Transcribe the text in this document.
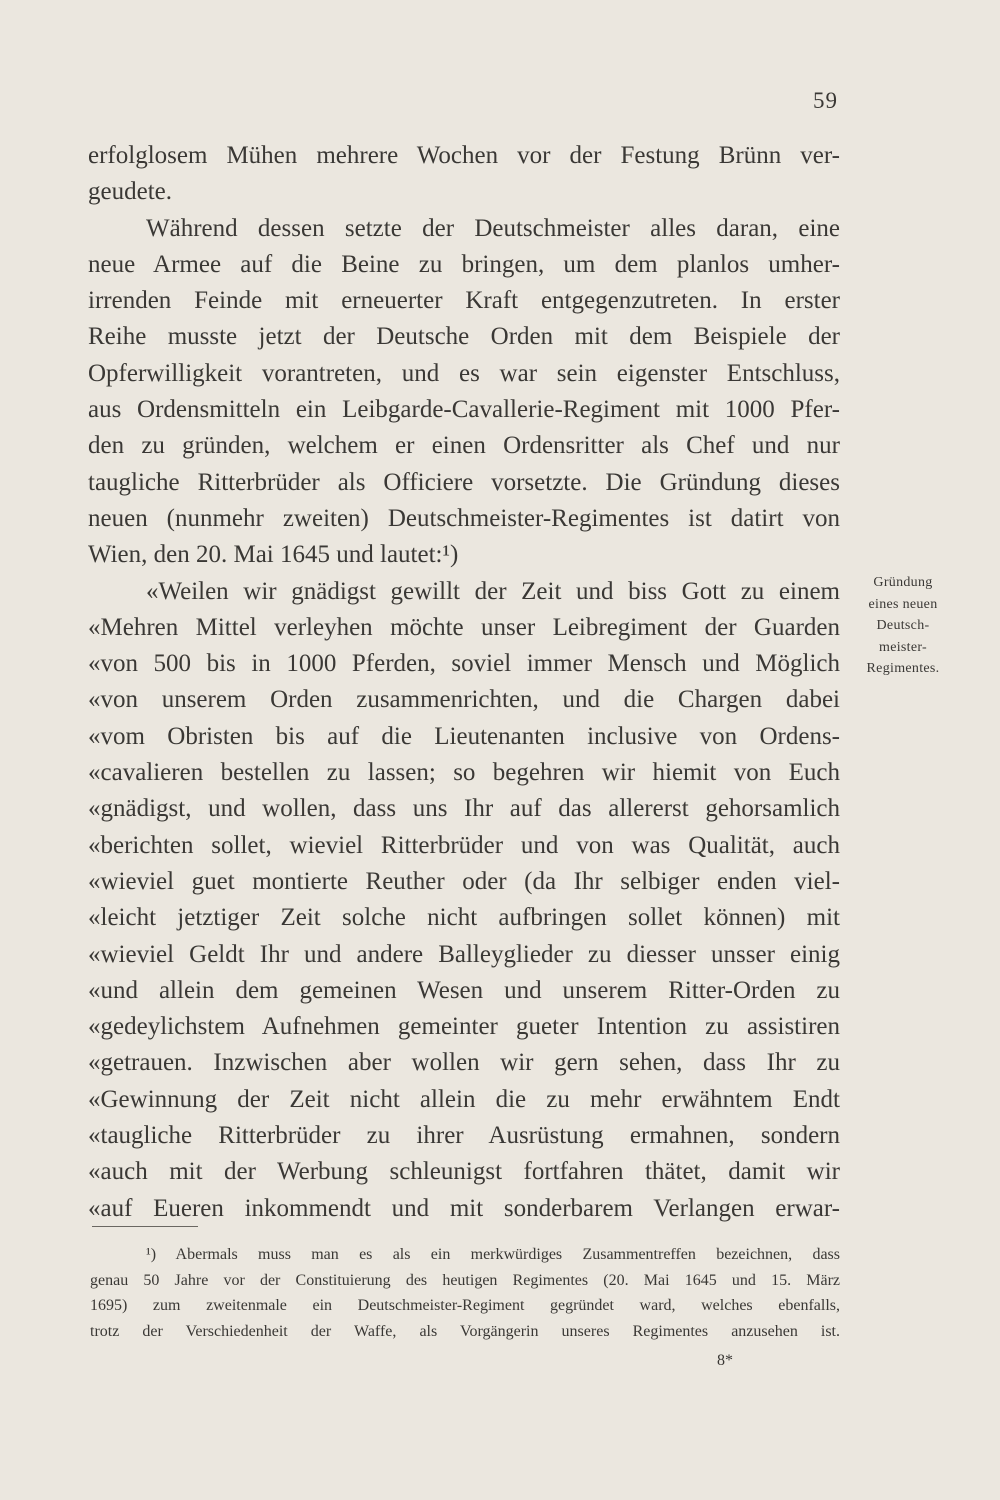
59
erfolglosem Mühen mehrere Wochen vor der Festung Brünn ver-
geudete.
Während dessen setzte der Deutschmeister alles daran, eine
neue Armee auf die Beine zu bringen, um dem planlos umher-
irrenden Feinde mit erneuerter Kraft entgegenzutreten. In erster
Reihe musste jetzt der Deutsche Orden mit dem Beispiele der
Opferwilligkeit vorantreten, und es war sein eigenster Entschluss,
aus Ordensmitteln ein Leibgarde-Cavallerie-Regiment mit 1000 Pfer-
den zu gründen, welchem er einen Ordensritter als Chef und nur
taugliche Ritterbrüder als Officiere vorsetzte. Die Gründung dieses
neuen (nunmehr zweiten) Deutschmeister-Regimentes ist datirt von
Wien, den 20. Mai 1645 und lautet:¹)
«Weilen wir gnädigst gewillt der Zeit und biss Gott zu einem
«Mehren Mittel verleyhen möchte unser Leibregiment der Guarden
«von 500 bis in 1000 Pferden, soviel immer Mensch und Möglich
«von unserem Orden zusammenrichten, und die Chargen dabei
«vom Obristen bis auf die Lieutenanten inclusive von Ordens-
«cavalieren bestellen zu lassen; so begehren wir hiemit von Euch
«gnädigst, und wollen, dass uns Ihr auf das allererst gehorsamlich
«berichten sollet, wieviel Ritterbrüder und von was Qualität, auch
«wieviel guet montierte Reuther oder (da Ihr selbiger enden viel-
«leicht jetztiger Zeit solche nicht aufbringen sollet können) mit
«wieviel Geldt Ihr und andere Balleyglieder zu diesser unsser einig
«und allein dem gemeinen Wesen und unserem Ritter-Orden zu
«gedeylichstem Aufnehmen gemeinter gueter Intention zu assistiren
«getrauen. Inzwischen aber wollen wir gern sehen, dass Ihr zu
«Gewinnung der Zeit nicht allein die zu mehr erwähntem Endt
«taugliche Ritterbrüder zu ihrer Ausrüstung ermahnen, sondern
«auch mit der Werbung schleunigst fortfahren thätet, damit wir
«auf Eueren inkommendt und mit sonderbarem Verlangen erwar-
Gründung
eines neuen
Deutsch-
meister-
Regimentes.
¹) Abermals muss man es als ein merkwürdiges Zusammentreffen bezeichnen, dass
genau 50 Jahre vor der Constituierung des heutigen Regimentes (20. Mai 1645 und 15. März
1695) zum zweitenmale ein Deutschmeister-Regiment gegründet ward, welches ebenfalls,
trotz der Verschiedenheit der Waffe, als Vorgängerin unseres Regimentes anzusehen ist.
8*
